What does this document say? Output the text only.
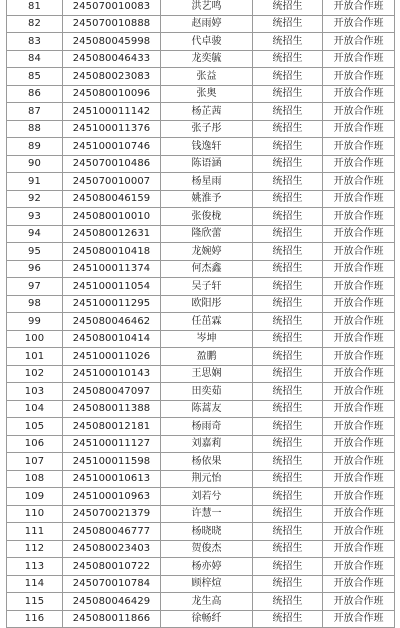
81	245070010083	洪艺鸣	统招生	开放合作班
82	245070010888	赵雨婷	统招生	开放合作班
83	245080045998	代卓骏	统招生	开放合作班
84	245080046433	龙奕毓	统招生	开放合作班
85	245080023083	张益	统招生	开放合作班
86	245080010096	张奥	统招生	开放合作班
87	245100011142	杨芷茜	统招生	开放合作班
88	245100011376	张子彤	统招生	开放合作班
89	245100010746	钱逸轩	统招生	开放合作班
90	245070010486	陈语涵	统招生	开放合作班
91	245070010007	杨星雨	统招生	开放合作班
92	245080046159	姚淮予	统招生	开放合作班
93	245080010010	张俊栊	统招生	开放合作班
94	245080012631	隆欣蕾	统招生	开放合作班
95	245080010418	龙婉婷	统招生	开放合作班
96	245100011374	何杰鑫	统招生	开放合作班
97	245100011054	吴子轩	统招生	开放合作班
98	245100011295	欧阳彤	统招生	开放合作班
99	245080046462	任茁霖	统招生	开放合作班
100	245080010414	岑坤	统招生	开放合作班
101	245100011026	盈鹏	统招生	开放合作班
102	245100010143	王思娴	统招生	开放合作班
103	245080047097	田奕茹	统招生	开放合作班
104	245080011388	陈蒿友	统招生	开放合作班
105	245080012181	杨雨奇	统招生	开放合作班
106	245100011127	刘嘉莉	统招生	开放合作班
107	245100011598	杨依果	统招生	开放合作班
108	245100010613	荆元怡	统招生	开放合作班
109	245100010963	刘若兮	统招生	开放合作班
110	245070021379	许慧一	统招生	开放合作班
111	245080046777	杨晓晓	统招生	开放合作班
112	245080023403	贺俊杰	统招生	开放合作班
113	245080010722	杨亦婷	统招生	开放合作班
114	245070010784	顾梓煊	统招生	开放合作班
115	245080046429	龙生高	统招生	开放合作班
116	245080011866	徐畅纤	统招生	开放合作班
